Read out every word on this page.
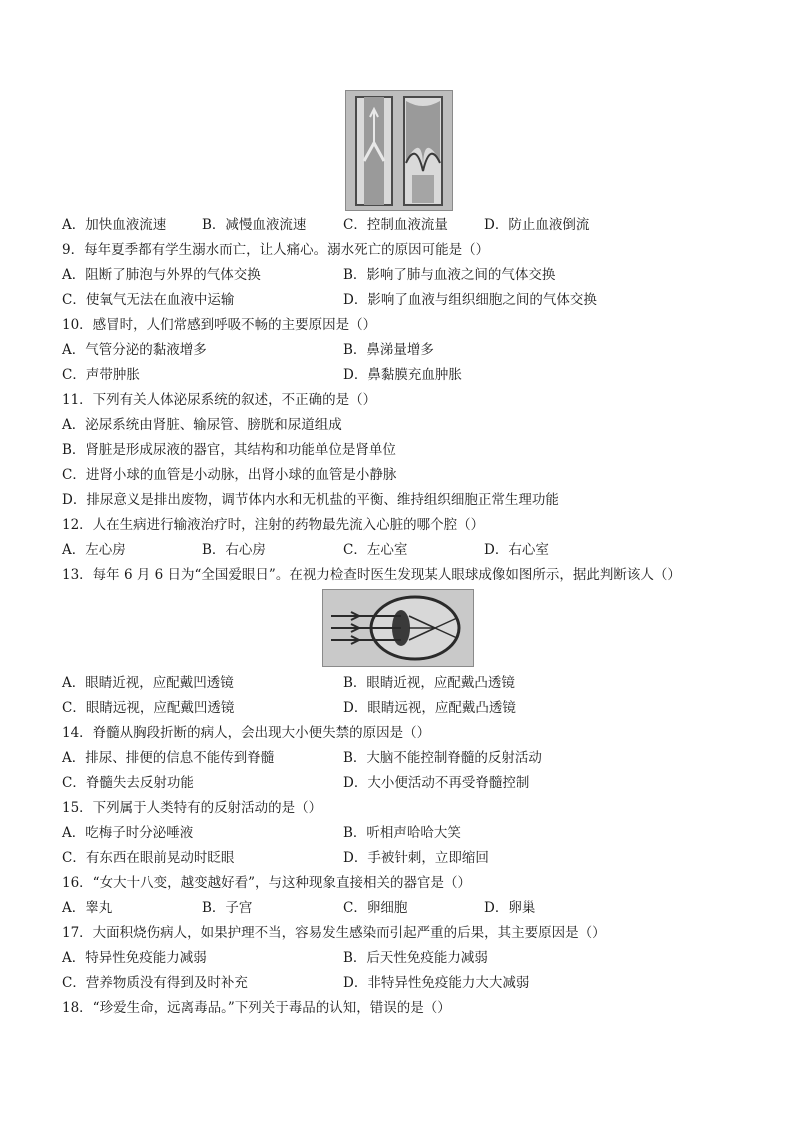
A．加快血液流速	B．减慢血液流速	C．控制血液流量	D．防止血液倒流
9．每年夏季都有学生溺水而亡，让人痛心。溺水死亡的原因可能是（）
A．阻断了肺泡与外界的气体交换	B．影响了肺与血液之间的气体交换
C．使氧气无法在血液中运输	D．影响了血液与组织细胞之间的气体交换
10．感冒时，人们常感到呼吸不畅的主要原因是（）
A．气管分泌的黏液增多	B．鼻涕量增多
C．声带肿胀	D．鼻黏膜充血肿胀
11．下列有关人体泌尿系统的叙述，不正确的是（）
A．泌尿系统由肾脏、输尿管、膀胱和尿道组成
B．肾脏是形成尿液的器官，其结构和功能单位是肾单位
C．进肾小球的血管是小动脉，出肾小球的血管是小静脉
D．排尿意义是排出废物，调节体内水和无机盐的平衡、维持组织细胞正常生理功能
12．人在生病进行输液治疗时，注射的药物最先流入心脏的哪个腔（）
A．左心房	B．右心房	C．左心室	D．右心室
13．每年 6 月 6 日为“全国爱眼日”。在视力检查时医生发现某人眼球成像如图所示，据此判断该人（）
A．眼睛近视，应配戴凹透镜	B．眼睛近视，应配戴凸透镜
C．眼睛远视，应配戴凹透镜	D．眼睛远视，应配戴凸透镜
14．脊髓从胸段折断的病人，会出现大小便失禁的原因是（）
A．排尿、排便的信息不能传到脊髓	B．大脑不能控制脊髓的反射活动
C．脊髓失去反射功能	D．大小便活动不再受脊髓控制
15．下列属于人类特有的反射活动的是（）
A．吃梅子时分泌唾液	B．听相声哈哈大笑
C．有东西在眼前晃动时眨眼	D．手被针刺，立即缩回
16．“女大十八变，越变越好看”，与这种现象直接相关的器官是（）
A．睾丸	B．子宫	C．卵细胞	D．卵巢
17．大面积烧伤病人，如果护理不当，容易发生感染而引起严重的后果，其主要原因是（）
A．特异性免疫能力减弱	B．后天性免疫能力减弱
C．营养物质没有得到及时补充	D．非特异性免疫能力大大减弱
18．“珍爱生命，远离毒品。”下列关于毒品的认知，错误的是（）
